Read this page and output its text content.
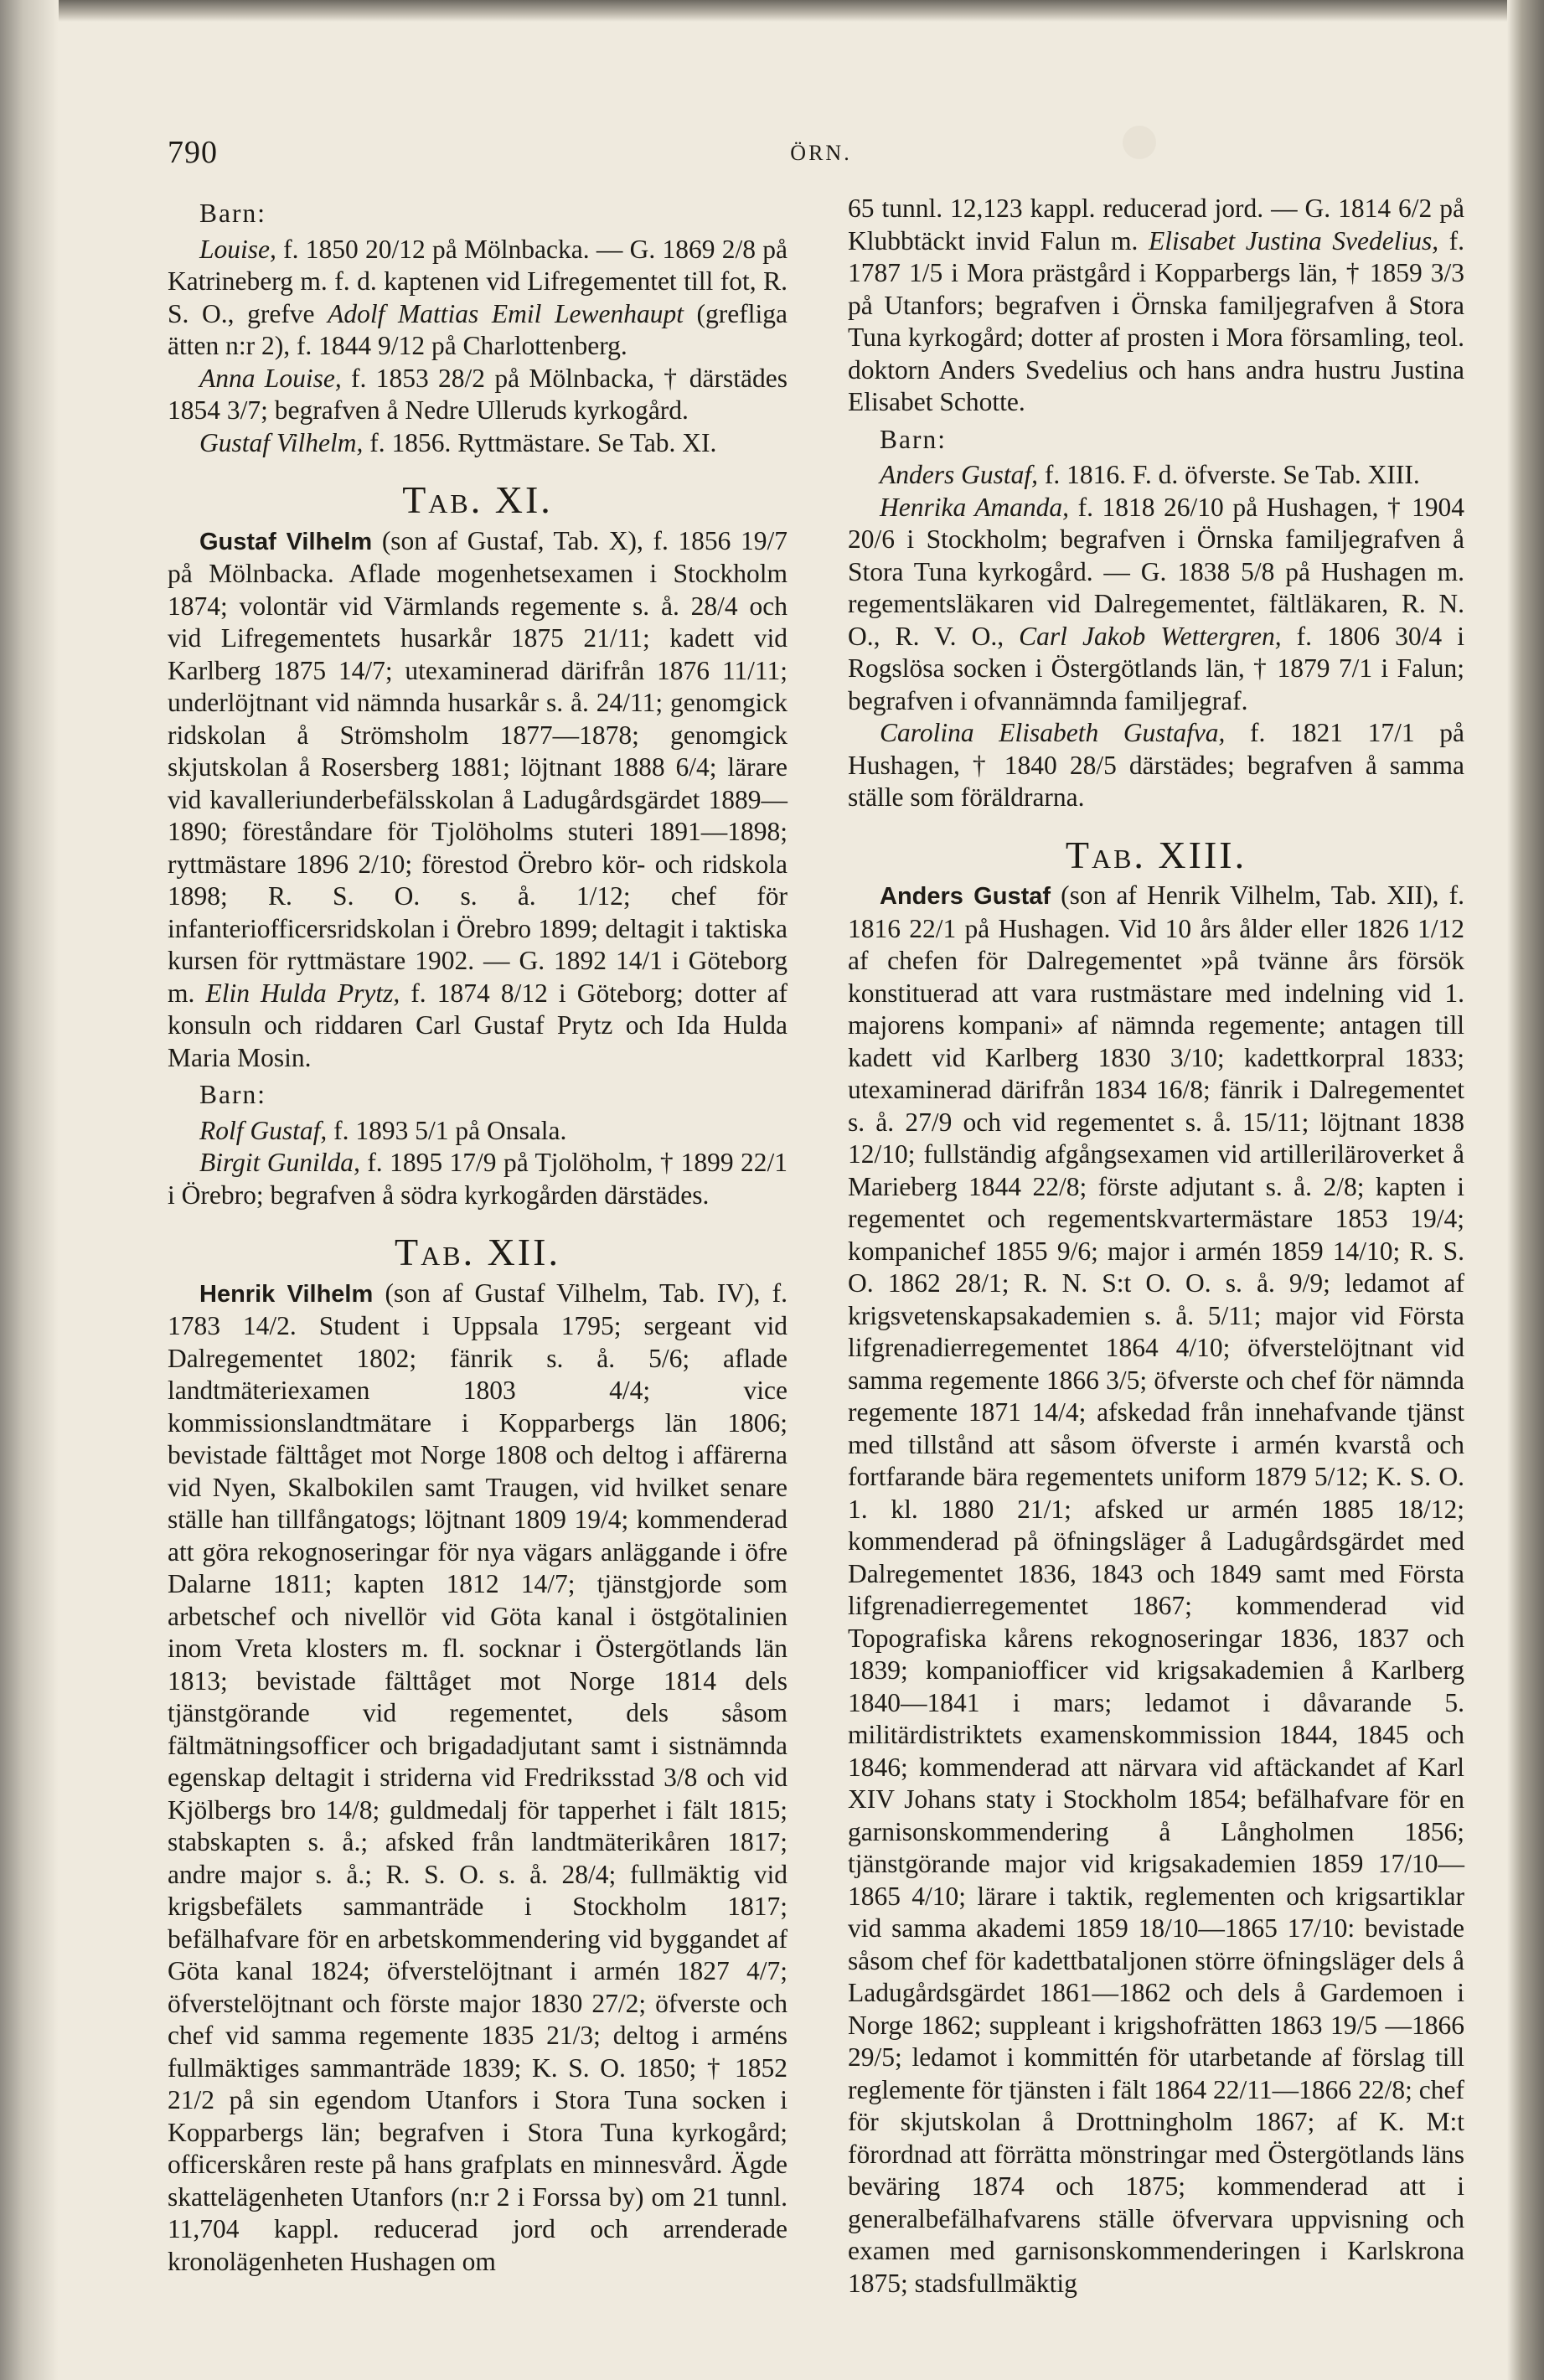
790	ÖRN.

Barn:

Louise, f. 1850 20/12 på Mölnbacka. — G. 1869 2/8 på Katrineberg m. f. d. kaptenen vid Lifregementet till fot, R. S. O., grefve Adolf Mattias Emil Lewenhaupt (grefliga ätten n:r 2), f. 1844 9/12 på Charlottenberg.

Anna Louise, f. 1853 28/2 på Mölnbacka, † därstädes 1854 3/7; begrafven å Nedre Ulleruds kyrkogård.

Gustaf Vilhelm, f. 1856. Ryttmästare. Se Tab. XI.

Tab. XI.

Gustaf Vilhelm (son af Gustaf, Tab. X), f. 1856 19/7 på Mölnbacka. Aflade mogenhetsexamen i Stockholm 1874; volontär vid Värmlands regemente s. å. 28/4 och vid Lifregementets husarkår 1875 21/11; kadett vid Karlberg 1875 14/7; utexaminerad därifrån 1876 11/11; underlöjtnant vid nämnda husarkår s. å. 24/11; genomgick ridskolan å Strömsholm 1877—1878; genomgick skjutskolan å Rosersberg 1881; löjtnant 1888 6/4; lärare vid kavalleriunderbefälsskolan å Ladugårdsgärdet 1889—1890; föreståndare för Tjolöholms stuteri 1891—1898; ryttmästare 1896 2/10; förestod Örebro kör- och ridskola 1898; R. S. O. s. å. 1/12; chef för infanteriofficersridskolan i Örebro 1899; deltagit i taktiska kursen för ryttmästare 1902. — G. 1892 14/1 i Göteborg m. Elin Hulda Prytz, f. 1874 8/12 i Göteborg; dotter af konsuln och riddaren Carl Gustaf Prytz och Ida Hulda Maria Mosin.

Barn:

Rolf Gustaf, f. 1893 5/1 på Onsala.

Birgit Gunilda, f. 1895 17/9 på Tjolöholm, † 1899 22/1 i Örebro; begrafven å södra kyrkogården därstädes.

Tab. XII.

Henrik Vilhelm (son af Gustaf Vilhelm, Tab. IV), f. 1783 14/2. Student i Uppsala 1795; sergeant vid Dalregementet 1802; fänrik s. å. 5/6; aflade landtmäteriexamen 1803 4/4; vice kommissionslandtmätare i Kopparbergs län 1806; bevistade fälttåget mot Norge 1808 och deltog i affärerna vid Nyen, Skalbokilen samt Traugen, vid hvilket senare ställe han tillfångatogs; löjtnant 1809 19/4; kommenderad att göra rekognoseringar för nya vägars anläggande i öfre Dalarne 1811; kapten 1812 14/7; tjänstgjorde som arbetschef och nivellör vid Göta kanal i östgötalinien inom Vreta klosters m. fl. socknar i Östergötlands län 1813; bevistade fälttåget mot Norge 1814 dels tjänstgörande vid regementet, dels såsom fältmätningsofficer och brigadadjutant samt i sistnämnda egenskap deltagit i striderna vid Fredriksstad 3/8 och vid Kjölbergs bro 14/8; guldmedalj för tapperhet i fält 1815; stabskapten s. å.; afsked från landtmäterikåren 1817; andre major s. å.; R. S. O. s. å. 28/4; fullmäktig vid krigsbefälets sammanträde i Stockholm 1817; befälhafvare för en arbetskommendering vid byggandet af Göta kanal 1824; öfverstelöjtnant i armén 1827 4/7; öfverstelöjtnant och förste major 1830 27/2; öfverste och chef vid samma regemente 1835 21/3; deltog i arméns fullmäktiges sammanträde 1839; K. S. O. 1850; † 1852 21/2 på sin egendom Utanfors i Stora Tuna socken i Kopparbergs län; begrafven i Stora Tuna kyrkogård; officerskåren reste på hans grafplats en minnesvård. Ägde skattelägenheten Utanfors (n:r 2 i Forssa by) om 21 tunnl. 11,704 kappl. reducerad jord och arrenderade kronolägenheten Hushagen om

65 tunnl. 12,123 kappl. reducerad jord. — G. 1814 6/2 på Klubbtäckt invid Falun m. Elisabet Justina Svedelius, f. 1787 1/5 i Mora prästgård i Kopparbergs län, † 1859 3/3 på Utanfors; begrafven i Örnska familjegrafven å Stora Tuna kyrkogård; dotter af prosten i Mora församling, teol. doktorn Anders Svedelius och hans andra hustru Justina Elisabet Schotte.

Barn:

Anders Gustaf, f. 1816. F. d. öfverste. Se Tab. XIII.

Henrika Amanda, f. 1818 26/10 på Hushagen, † 1904 20/6 i Stockholm; begrafven i Örnska familjegrafven å Stora Tuna kyrkogård. — G. 1838 5/8 på Hushagen m. regementsläkaren vid Dalregementet, fältläkaren, R. N. O., R. V. O., Carl Jakob Wettergren, f. 1806 30/4 i Rogslösa socken i Östergötlands län, † 1879 7/1 i Falun; begrafven i ofvannämnda familjegraf.

Carolina Elisabeth Gustafva, f. 1821 17/1 på Hushagen, † 1840 28/5 därstädes; begrafven å samma ställe som föräldrarna.

Tab. XIII.

Anders Gustaf (son af Henrik Vilhelm, Tab. XII), f. 1816 22/1 på Hushagen. Vid 10 års ålder eller 1826 1/12 af chefen för Dalregementet »på tvänne års försök konstituerad att vara rustmästare med indelning vid 1. majorens kompani» af nämnda regemente; antagen till kadett vid Karlberg 1830 3/10; kadettkorpral 1833; utexaminerad därifrån 1834 16/8; fänrik i Dalregementet s. å. 27/9 och vid regementet s. å. 15/11; löjtnant 1838 12/10; fullständig afgångsexamen vid artilleriläroverket å Marieberg 1844 22/8; förste adjutant s. å. 2/8; kapten i regementet och regementskvartermästare 1853 19/4; kompanichef 1855 9/6; major i armén 1859 14/10; R. S. O. 1862 28/1; R. N. S:t O. O. s. å. 9/9; ledamot af krigsvetenskapsakademien s. å. 5/11; major vid Första lifgrenadierregementet 1864 4/10; öfverstelöjtnant vid samma regemente 1866 3/5; öfverste och chef för nämnda regemente 1871 14/4; afskedad från innehafvande tjänst med tillstånd att såsom öfverste i armén kvarstå och fortfarande bära regementets uniform 1879 5/12; K. S. O. 1. kl. 1880 21/1; afsked ur armén 1885 18/12; kommenderad på öfningsläger å Ladugårdsgärdet med Dalregementet 1836, 1843 och 1849 samt med Första lifgrenadierregementet 1867; kommenderad vid Topografiska kårens rekognoseringar 1836, 1837 och 1839; kompaniofficer vid krigsakademien å Karlberg 1840—1841 i mars; ledamot i dåvarande 5. militärdistriktets examenskommission 1844, 1845 och 1846; kommenderad att närvara vid aftäckandet af Karl XIV Johans staty i Stockholm 1854; befälhafvare för en garnisonskommendering å Långholmen 1856; tjänstgörande major vid krigsakademien 1859 17/10—1865 4/10; lärare i taktik, reglementen och krigsartiklar vid samma akademi 1859 18/10—1865 17/10: bevistade såsom chef för kadettbataljonen större öfningsläger dels å Ladugårdsgärdet 1861—1862 och dels å Gardemoen i Norge 1862; suppleant i krigshofrätten 1863 19/5 —1866 29/5; ledamot i kommittén för utarbetande af förslag till reglemente för tjänsten i fält 1864 22/11—1866 22/8; chef för skjutskolan å Drottningholm 1867; af K. M:t förordnad att förrätta mönstringar med Östergötlands läns beväring 1874 och 1875; kommenderad att i generalbefälhafvarens ställe öfvervara uppvisning och examen med garnisonskommenderingen i Karlskrona 1875; stadsfullmäktig
